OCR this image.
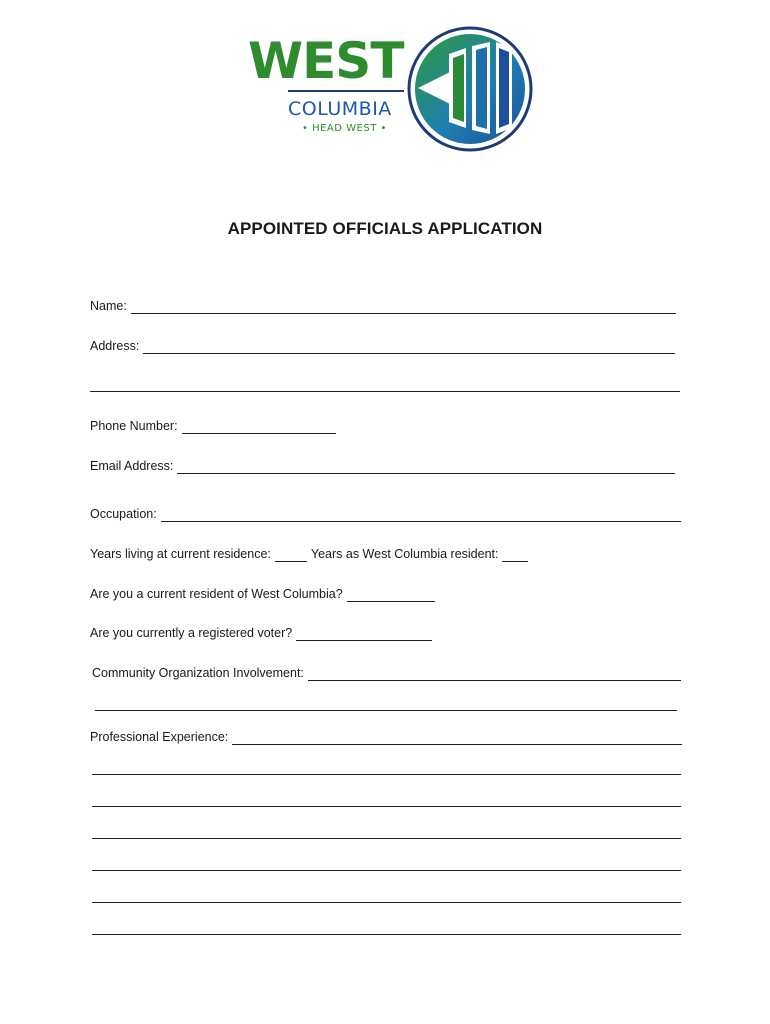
WEST
COLUMBIA
• HEAD WEST •
APPOINTED OFFICIALS APPLICATION
Name:
Address:
Phone Number:
Email Address:
Occupation:
Years living at current residence:	Years as West Columbia resident:
Are you a current resident of West Columbia?
Are you currently a registered voter?
Community Organization Involvement:
Professional Experience:
